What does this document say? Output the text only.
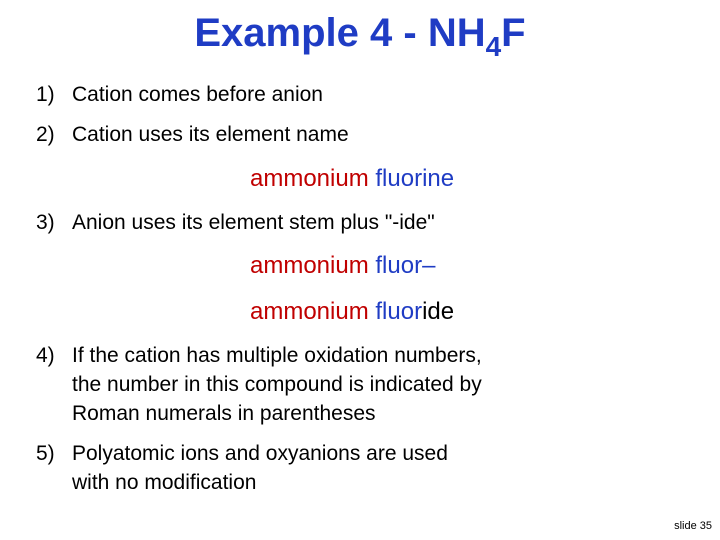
Example $4 - NH_4F$
1) Cation comes before anion
2) Cation uses its element name
ammonium fluorine
3) Anion uses its element stem plus "-ide"
ammonium fluor–
ammonium fluoride
4) If the cation has multiple oxidation numbers,
the number in this compound is indicated by
Roman numerals in parentheses
5) Polyatomic ions and oxyanions are used
with no modification
slide 35
